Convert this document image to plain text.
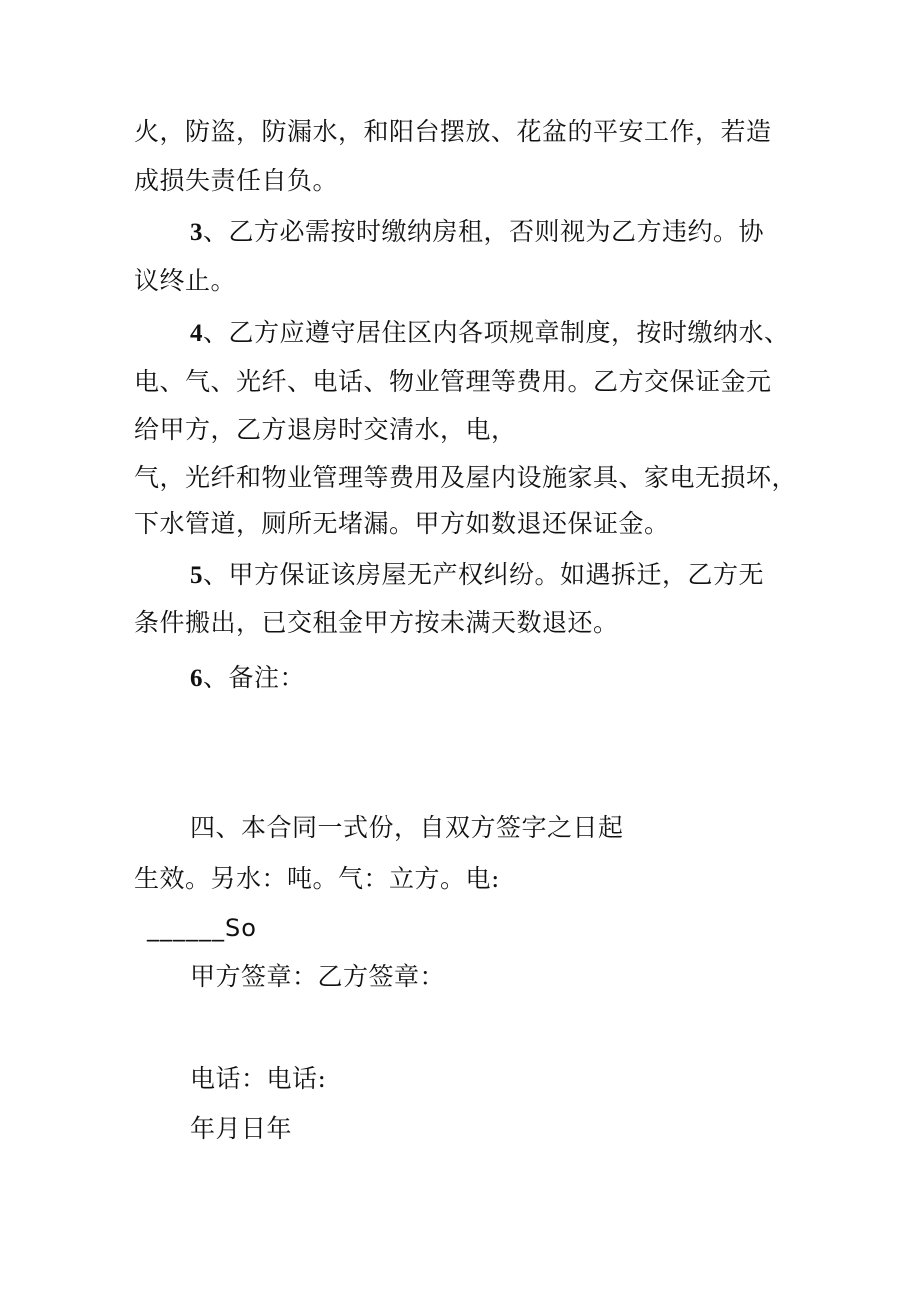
火，防盗，防漏水，和阳台摆放、花盆的平安工作，若造
成损失责任自负。
3、乙方必需按时缴纳房租，否则视为乙方违约。协
议终止。
4、乙方应遵守居住区内各项规章制度，按时缴纳水、
电、气、光纤、电话、物业管理等费用。乙方交保证金元
给甲方，乙方退房时交清水，电，
气，光纤和物业管理等费用及屋内设施家具、家电无损坏，
下水管道，厕所无堵漏。甲方如数退还保证金。
5、甲方保证该房屋无产权纠纷。如遇拆迁，乙方无
条件搬出，已交租金甲方按未满天数退还。
6、备注：
四、本合同一式份，自双方签字之日起
生效。另水：吨。气：立方。电:
______So
甲方签章：乙方签章：
电话：电话:
年月日年
